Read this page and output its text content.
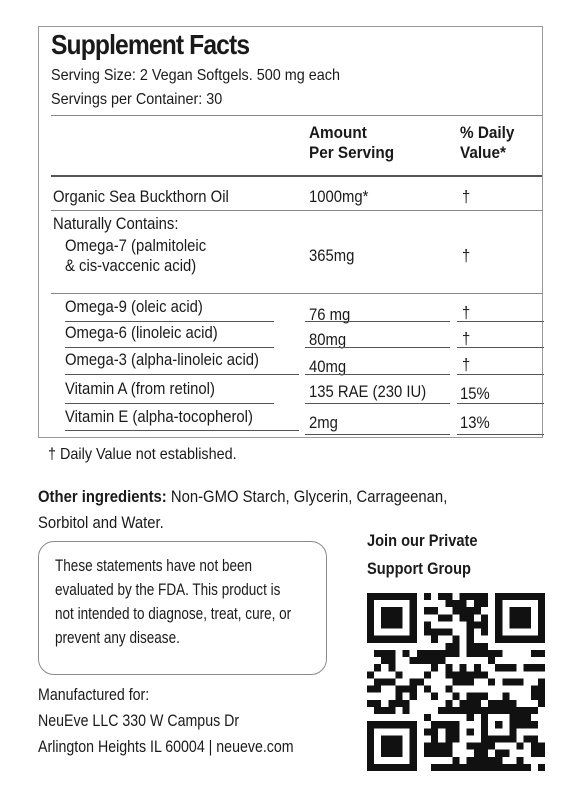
Supplement Facts
Serving Size: 2 Vegan Softgels. 500 mg each
Servings per Container: 30
Amount
Per Serving
% Daily
Value*
Organic Sea Buckthorn Oil	1000mg*	†
Naturally Contains:
Omega-7 (palmitoleic
& cis-vaccenic acid)
365mg	†
Omega-9 (oleic acid)	76 mg	†
Omega-6 (linoleic acid)	80mg	†
Omega-3 (alpha-linoleic acid)	40mg	†
Vitamin A (from retinol)	135 RAE (230 IU) 15%
Vitamin E (alpha-tocopherol)	2mg	13%
† Daily Value not established.
Other ingredients: Non-GMO Starch, Glycerin, Carrageenan, Sorbitol and Water.
These statements have not been evaluated by the FDA. This product is not intended to diagnose, treat, cure, or prevent any disease.
Manufactured for:
NeuEve LLC 330 W Campus Dr
Arlington Heights IL 60004 | neueve.com
Join our Private
Support Group
